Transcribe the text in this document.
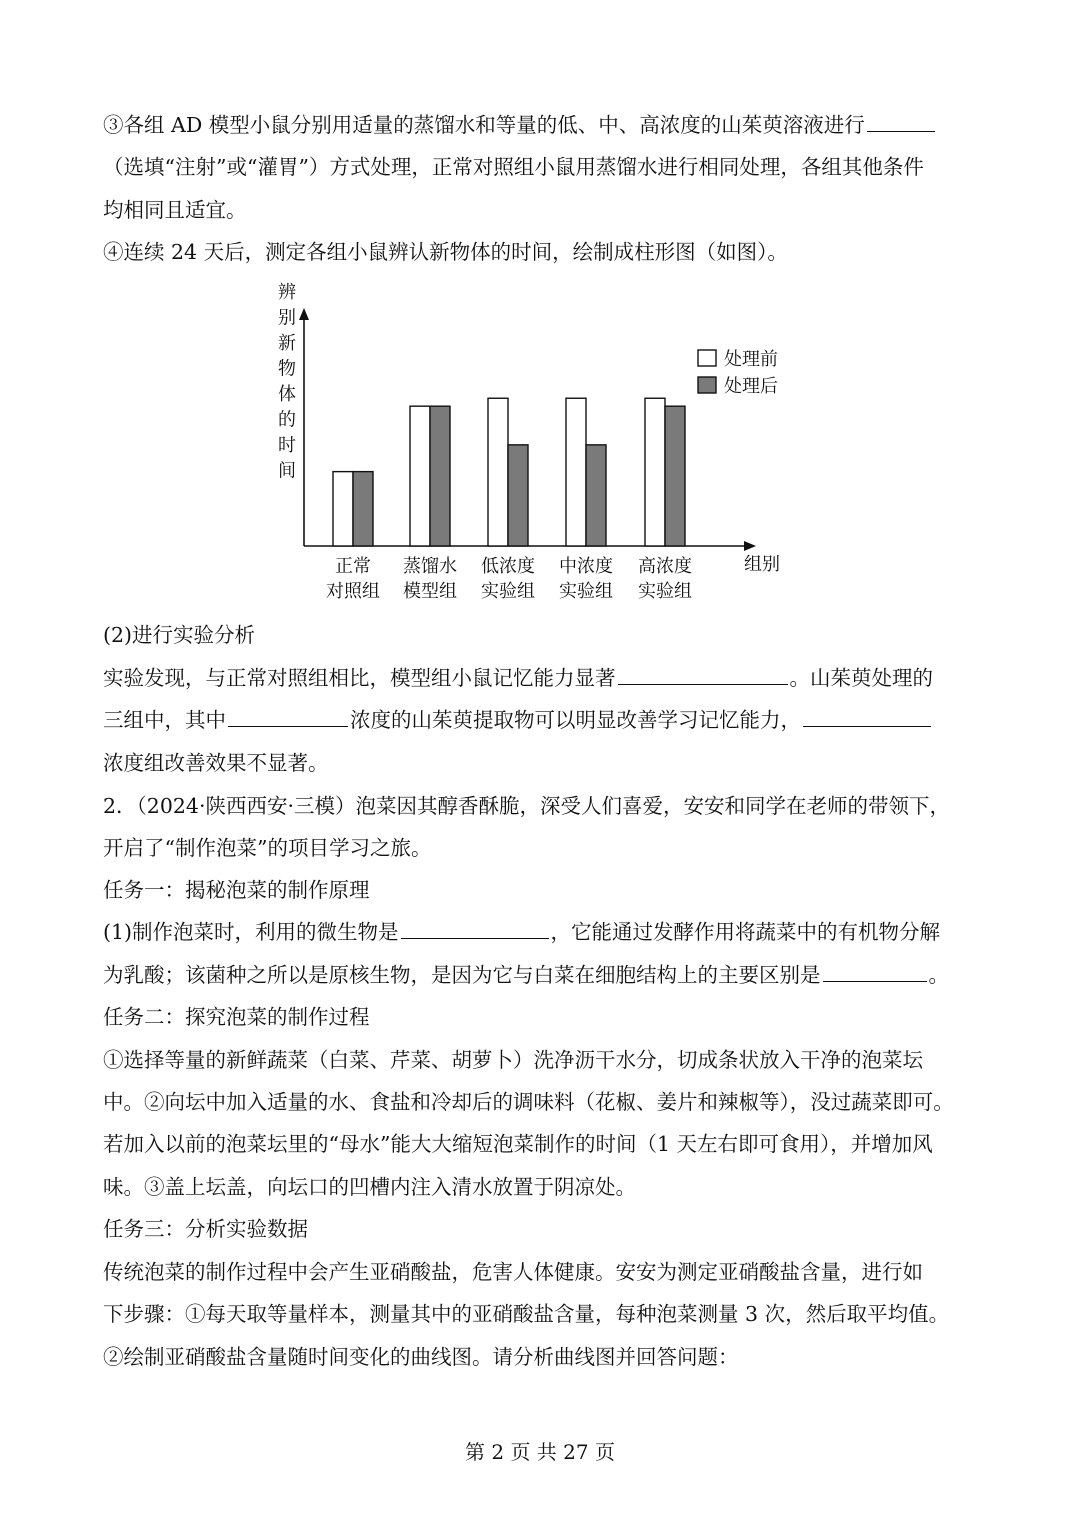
③各组 AD 模型小鼠分别用适量的蒸馏水和等量的低、中、高浓度的山茱萸溶液进行
（选填“注射”或“灌胃”）方式处理，正常对照组小鼠用蒸馏水进行相同处理，各组其他条件
均相同且适宜。
④连续 24 天后，测定各组小鼠辨认新物体的时间，绘制成柱形图（如图）。
辨别新物体的时间
正常
对照组
蒸馏水
模型组
低浓度
实验组
中浓度
实验组
高浓度
实验组
组别
处理前
处理后
(2)进行实验分析
实验发现，与正常对照组相比，模型组小鼠记忆能力显著	。山茱萸处理的
三组中，其中	浓度的山茱萸提取物可以明显改善学习记忆能力，
浓度组改善效果不显著。
2．（2024·陕西西安·三模）泡菜因其醇香酥脆，深受人们喜爱，安安和同学在老师的带领下，
开启了“制作泡菜”的项目学习之旅。
任务一：揭秘泡菜的制作原理
(1)制作泡菜时，利用的微生物是	，它能通过发酵作用将蔬菜中的有机物分解
为乳酸；该菌种之所以是原核生物，是因为它与白菜在细胞结构上的主要区别是	。
任务二：探究泡菜的制作过程
①选择等量的新鲜蔬菜（白菜、芹菜、胡萝卜）洗净沥干水分，切成条状放入干净的泡菜坛
中。②向坛中加入适量的水、食盐和冷却后的调味料（花椒、姜片和辣椒等），没过蔬菜即可。
若加入以前的泡菜坛里的“母水”能大大缩短泡菜制作的时间（1 天左右即可食用），并增加风
味。③盖上坛盖，向坛口的凹槽内注入清水放置于阴凉处。
任务三：分析实验数据
传统泡菜的制作过程中会产生亚硝酸盐，危害人体健康。安安为测定亚硝酸盐含量，进行如
下步骤：①每天取等量样本，测量其中的亚硝酸盐含量，每种泡菜测量 3 次，然后取平均值。
②绘制亚硝酸盐含量随时间变化的曲线图。请分析曲线图并回答问题：
第 2 页 共 27 页
